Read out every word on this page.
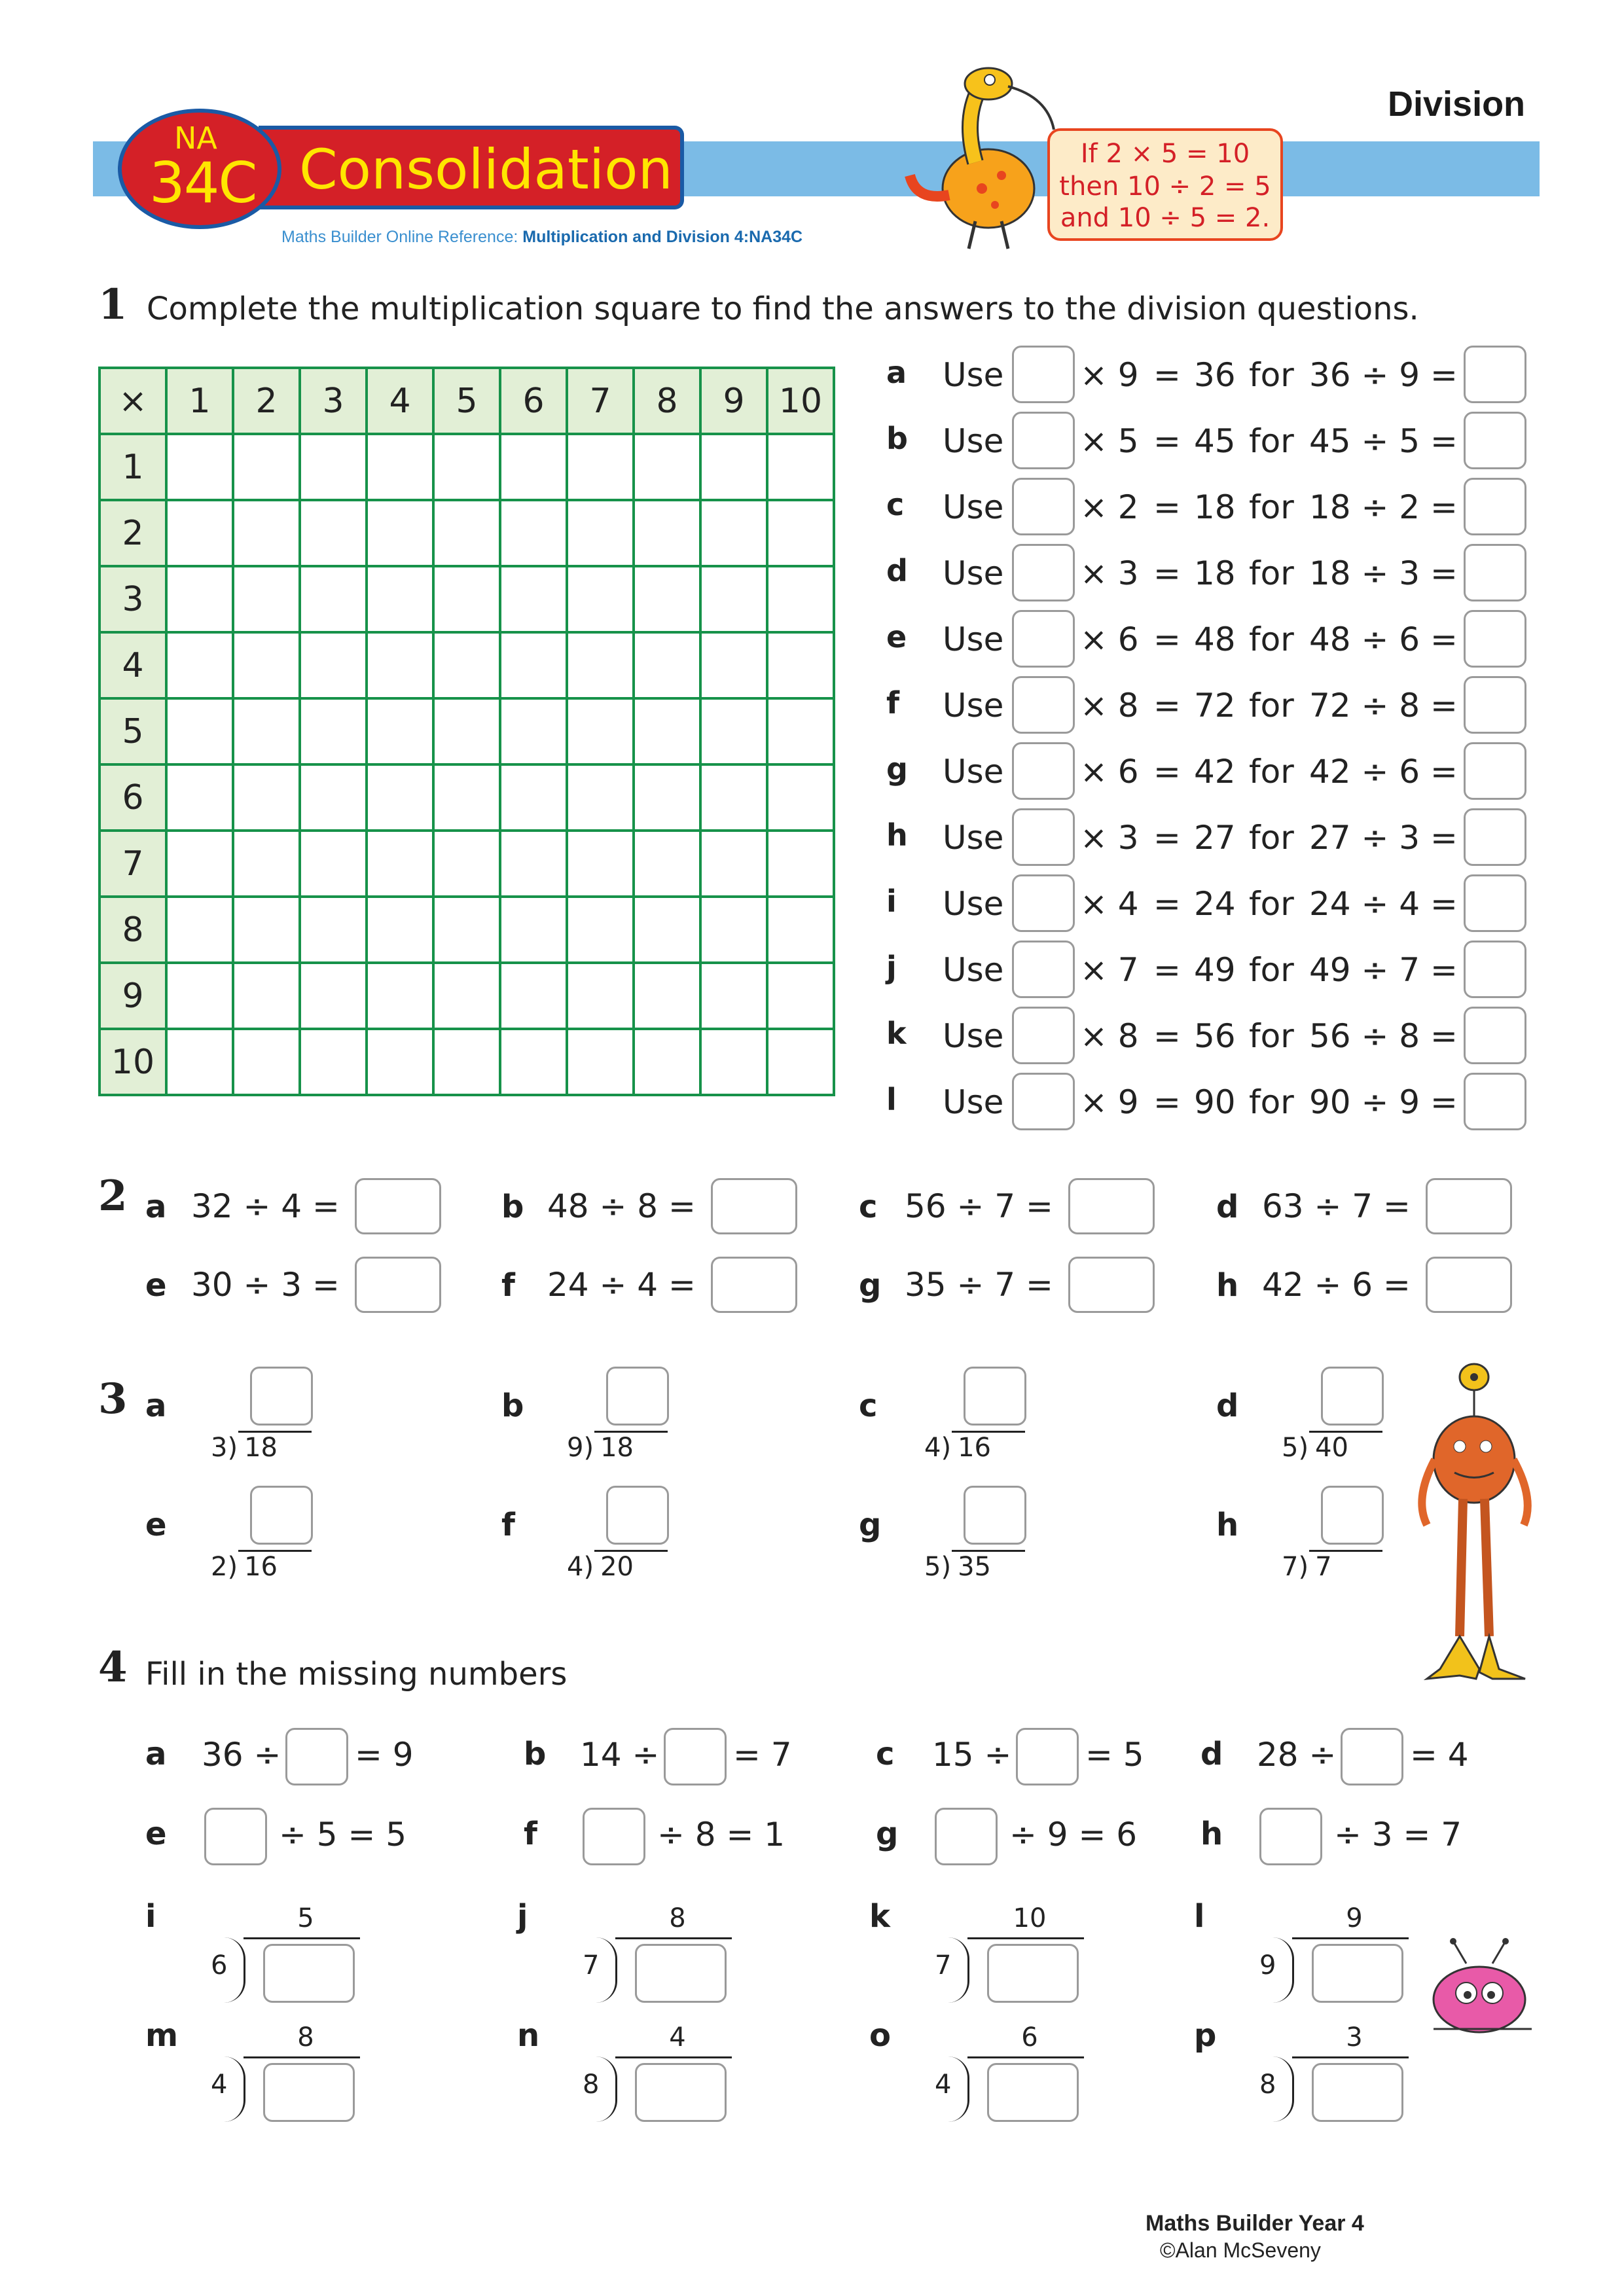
Division
Consolidation
NA
34C
Maths Builder Online Reference: Multiplication and Division 4:NA34C
If 2 × 5 = 10
then 10 ÷ 2 = 5
and 10 ÷ 5 = 2.
1 Complete the multiplication square to find the answers to the division questions.
×	1	2	3	4	5	6	7	8	9	10
1										
2										
3										
4										
5										
6										
7										
8										
9										
10										
a Use × 9 = 36 for 36 ÷ 9 =
b Use × 5 = 45 for 45 ÷ 5 =
c Use × 2 = 18 for 18 ÷ 2 =
d Use × 3 = 18 for 18 ÷ 3 =
e Use × 6 = 48 for 48 ÷ 6 =
f Use × 8 = 72 for 72 ÷ 8 =
g Use × 6 = 42 for 42 ÷ 6 =
h Use × 3 = 27 for 27 ÷ 3 =
i Use × 4 = 24 for 24 ÷ 4 =
j Use × 7 = 49 for 49 ÷ 7 =
k Use × 8 = 56 for 56 ÷ 8 =
l Use × 9 = 90 for 90 ÷ 9 =
2 a 32 ÷ 4 =	b 48 ÷ 8 =	c 56 ÷ 7 =	d 63 ÷ 7 =
e 30 ÷ 3 =	f 24 ÷ 4 =	g 35 ÷ 7 =	h 42 ÷ 6 =
3 a
3) 18
b
9) 18
c
4) 16
d
5) 40
e
2) 16
f
4) 20
g
5) 35
h
7) 7
4 Fill in the missing numbers
a 36 ÷ = 9	b 14 ÷ = 7	c 15 ÷ = 5 d 28 ÷ = 4
e	÷ 5 = 5	f	÷ 8 = 1	g	÷ 9 = 6 h	÷ 3 = 7
i	5
6
j	8
7
k	10
7
l	9
9
m	8
4
n	4
8
o	6
4
p	3
8
Maths Builder Year 4
©Alan McSeveny
